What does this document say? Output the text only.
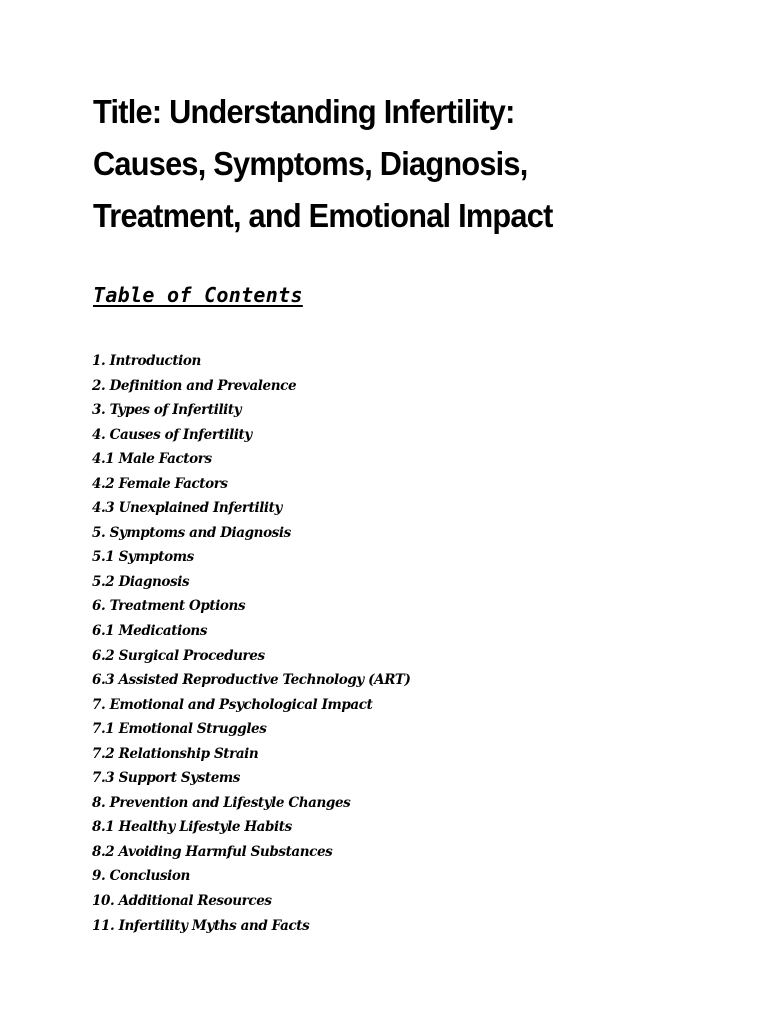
Title: Understanding Infertility:
Causes, Symptoms, Diagnosis,
Treatment, and Emotional Impact
Table of Contents
1. Introduction
2. Definition and Prevalence
3. Types of Infertility
4. Causes of Infertility
4.1 Male Factors
4.2 Female Factors
4.3 Unexplained Infertility
5. Symptoms and Diagnosis
5.1 Symptoms
5.2 Diagnosis
6. Treatment Options
6.1 Medications
6.2 Surgical Procedures
6.3 Assisted Reproductive Technology (ART)
7. Emotional and Psychological Impact
7.1 Emotional Struggles
7.2 Relationship Strain
7.3 Support Systems
8. Prevention and Lifestyle Changes
8.1 Healthy Lifestyle Habits
8.2 Avoiding Harmful Substances
9. Conclusion
10. Additional Resources
11. Infertility Myths and Facts
